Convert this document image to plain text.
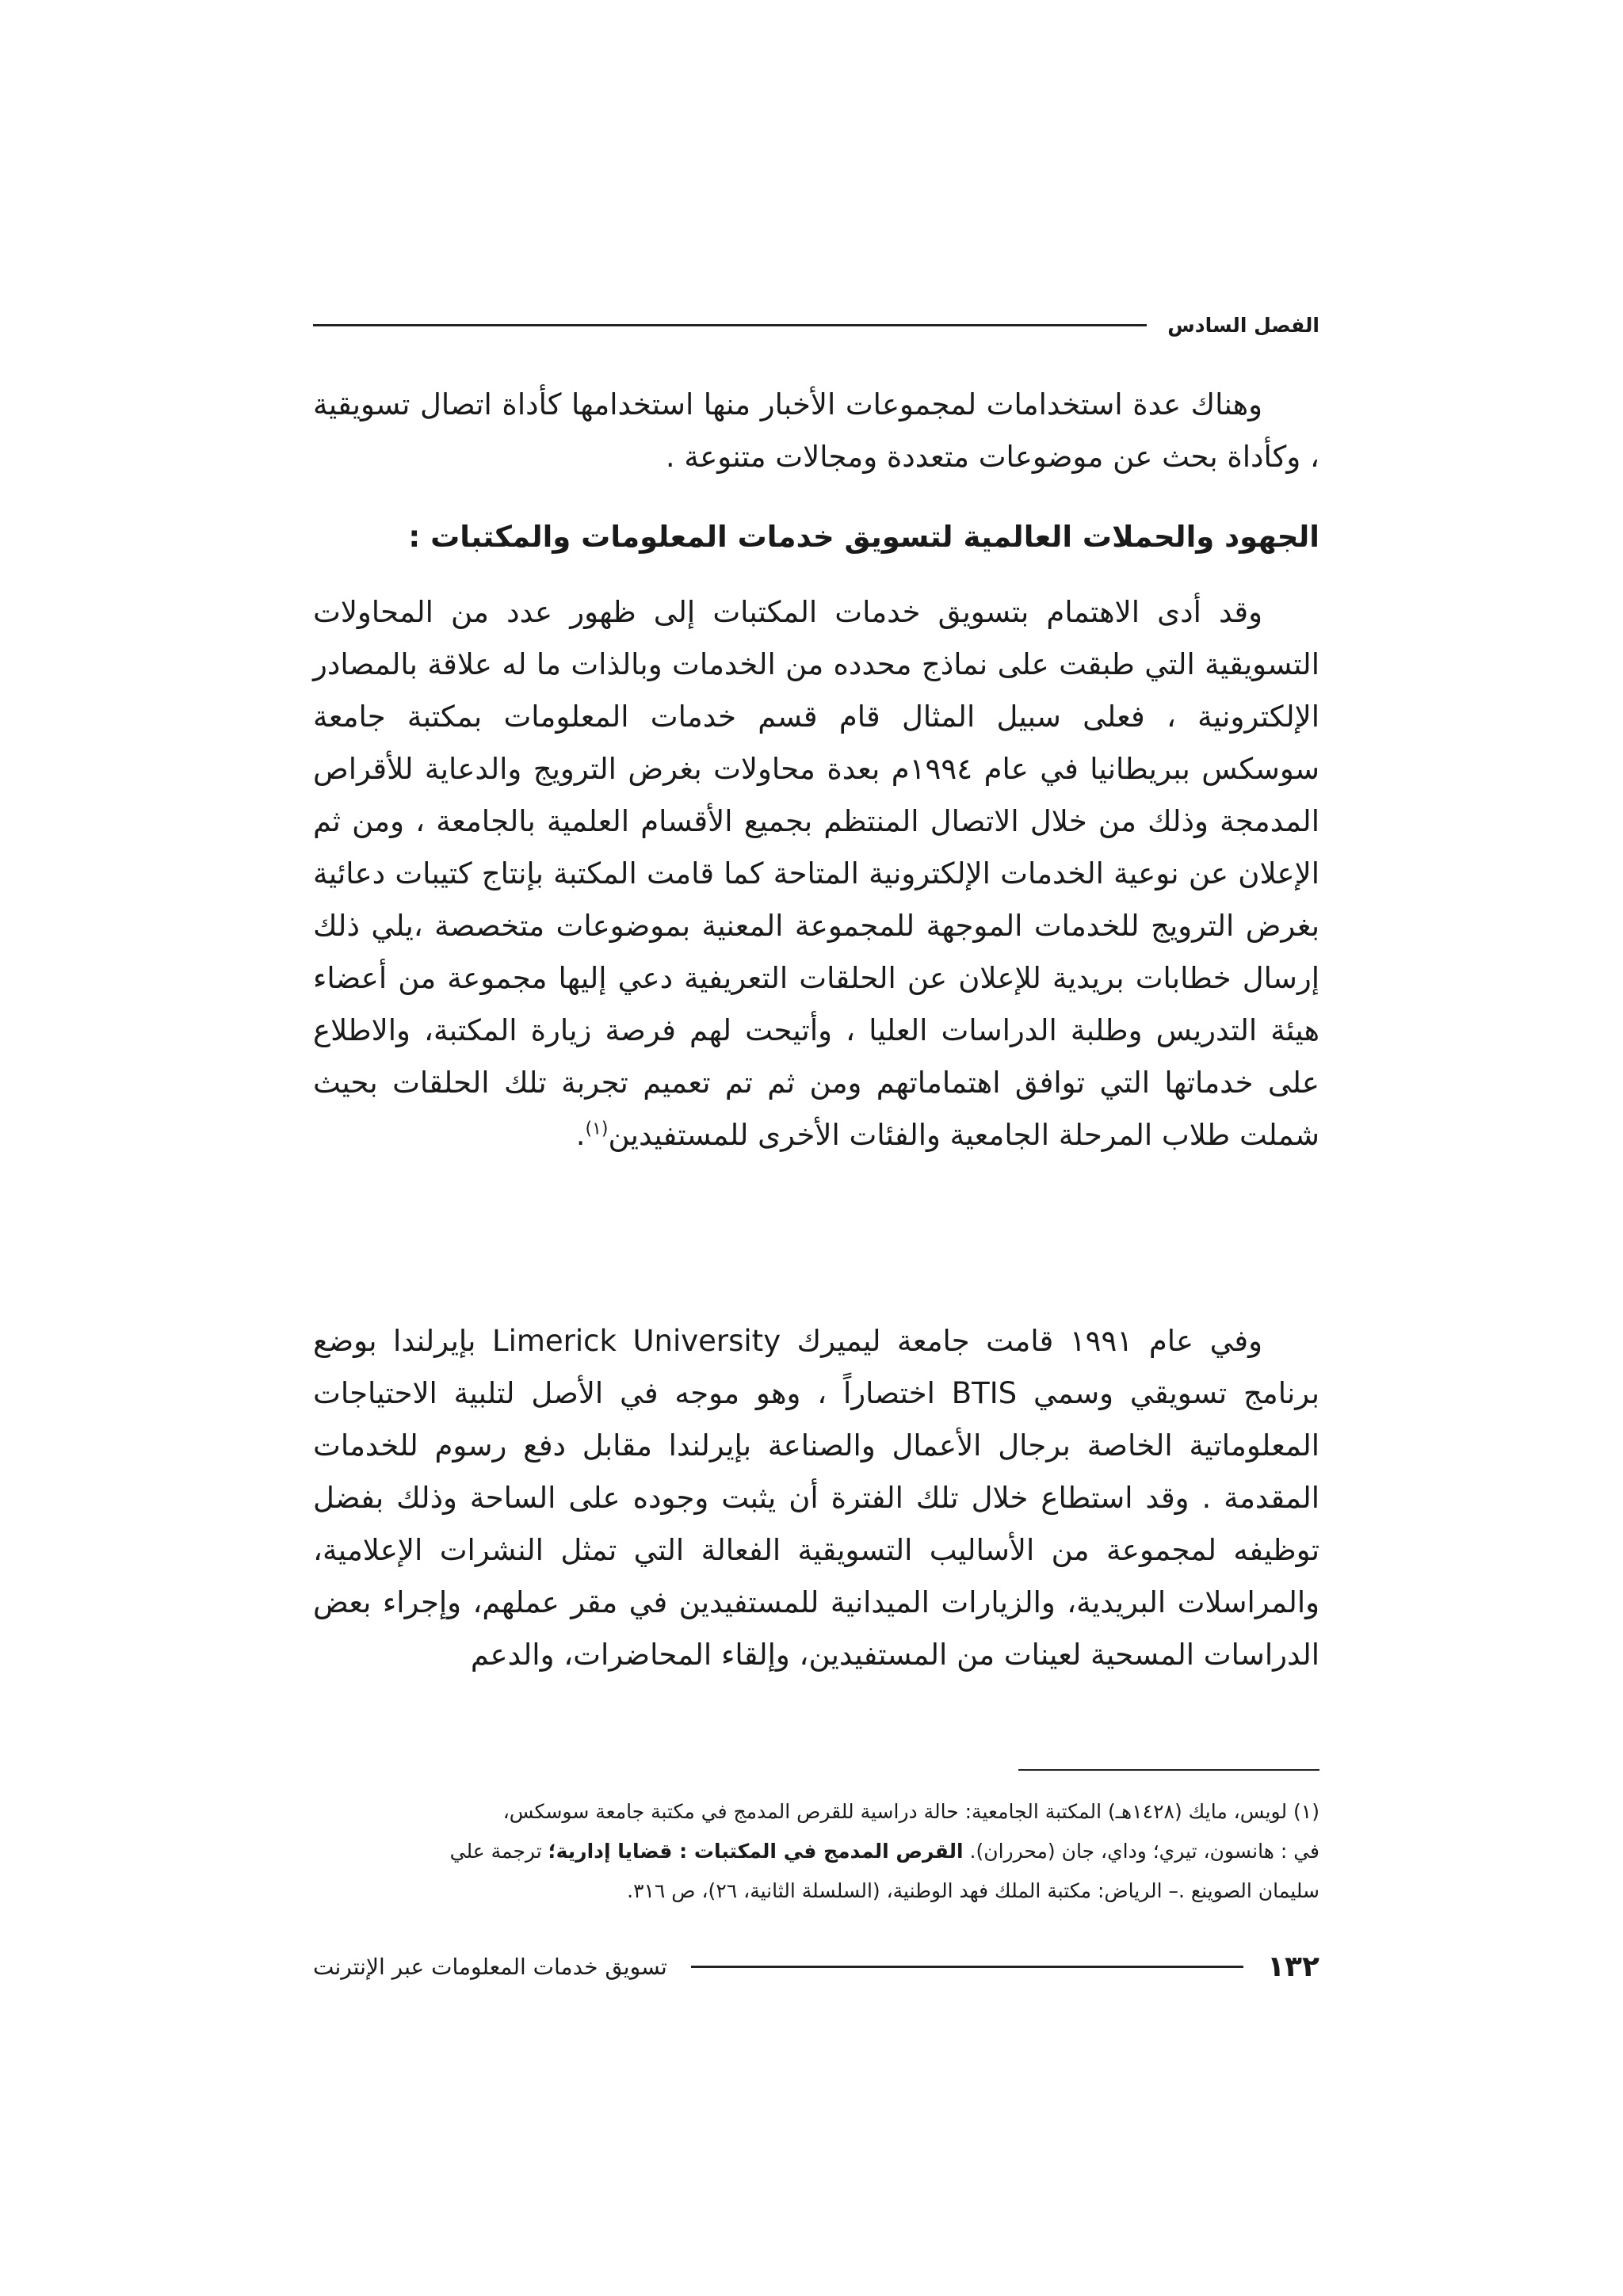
الفصل السادس

وهناك عدة استخدامات لمجموعات الأخبار منها استخدامها كأداة اتصال تسويقية ، وكأداة بحث عن موضوعات متعددة ومجالات متنوعة .

الجهود والحملات العالمية لتسويق خدمات المعلومات والمكتبات :

وقد أدى الاهتمام بتسويق خدمات المكتبات إلى ظهور عدد من المحاولات التسويقية التي طبقت على نماذج محدده من الخدمات وبالذات ما له علاقة بالمصادر الإلكترونية ، فعلى سبيل المثال قام قسم خدمات المعلومات بمكتبة جامعة سوسكس ببريطانيا في عام ١٩٩٤م بعدة محاولات بغرض الترويج والدعاية للأقراص المدمجة وذلك من خلال الاتصال المنتظم بجميع الأقسام العلمية بالجامعة ، ومن ثم الإعلان عن نوعية الخدمات الإلكترونية المتاحة كما قامت المكتبة بإنتاج كتيبات دعائية بغرض الترويج للخدمات الموجهة للمجموعة المعنية بموضوعات متخصصة ،يلي ذلك إرسال خطابات بريدية للإعلان عن الحلقات التعريفية دعي إليها مجموعة من أعضاء هيئة التدريس وطلبة الدراسات العليا ، وأتيحت لهم فرصة زيارة المكتبة، والاطلاع على خدماتها التي توافق اهتماماتهم ومن ثم تم تعميم تجربة تلك الحلقات بحيث شملت طلاب المرحلة الجامعية والفئات الأخرى للمستفيدين$^{(١)}$.

وفي عام ١٩٩١ قامت جامعة ليميرك Limerick University بإيرلندا بوضع برنامج تسويقي وسمي BTIS اختصاراً ، وهو موجه في الأصل لتلبية الاحتياجات المعلوماتية الخاصة برجال الأعمال والصناعة بإيرلندا مقابل دفع رسوم للخدمات المقدمة . وقد استطاع خلال تلك الفترة أن يثبت وجوده على الساحة وذلك بفضل توظيفه لمجموعة من الأساليب التسويقية الفعالة التي تمثل النشرات الإعلامية، والمراسلات البريدية، والزيارات الميدانية للمستفيدين في مقر عملهم، وإجراء بعض الدراسات المسحية لعينات من المستفيدين، وإلقاء المحاضرات، والدعم

(١) لويس، مايك (١٤٢٨هـ) المكتبة الجامعية: حالة دراسية للقرص المدمج في مكتبة جامعة سوسكس،

في : هانسون، تيري؛ وداي، جان (محرران). القرص المدمج في المكتبات : قضايا إدارية؛ ترجمة علي

سليمان الصوينع .– الرياض: مكتبة الملك فهد الوطنية، (السلسلة الثانية، ٢٦)، ص ٣١٦.

١٣٢
تسويق خدمات المعلومات عبر الإنترنت
